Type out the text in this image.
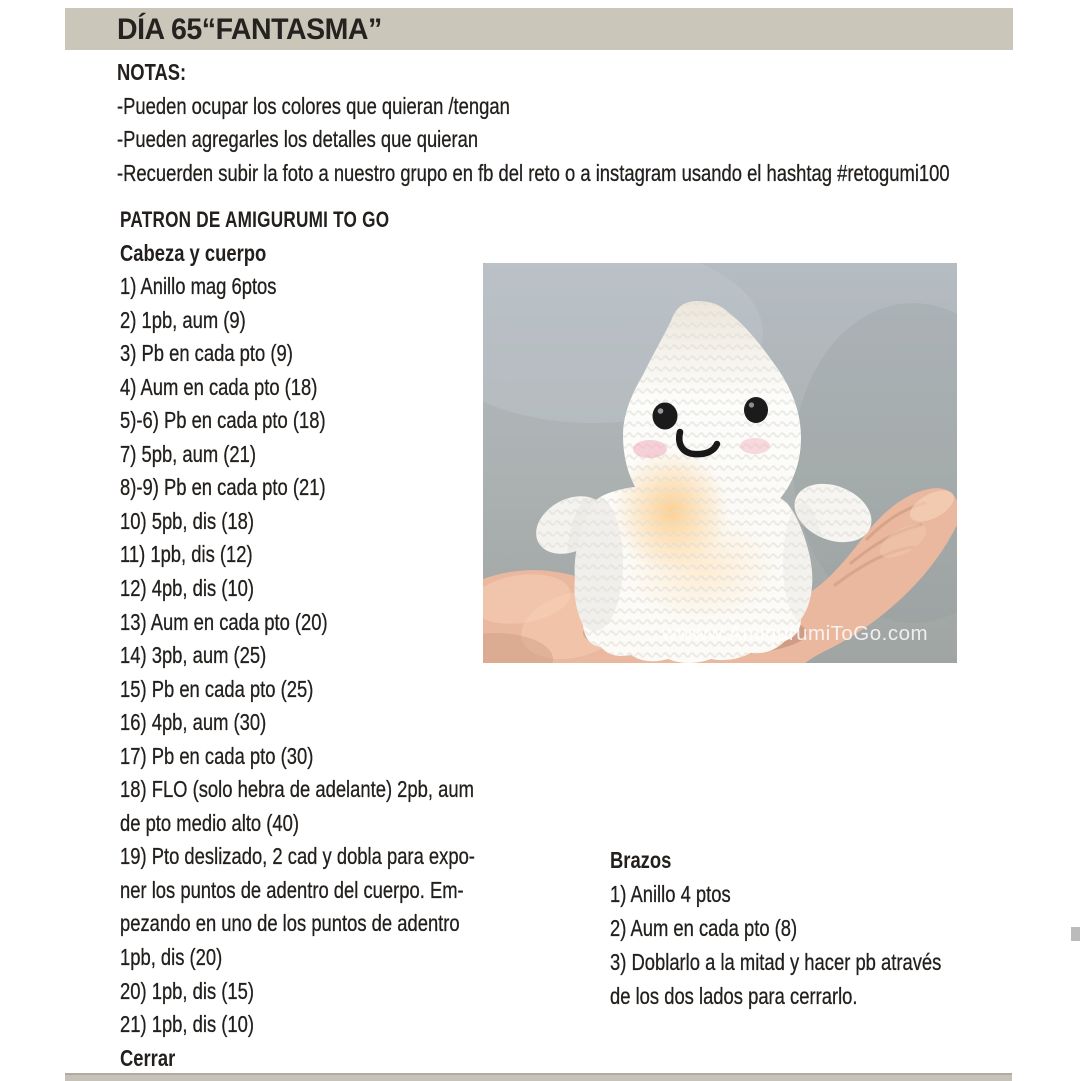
DÍA 65“FANTASMA”
NOTAS:
-Pueden ocupar los colores que quieran /tengan
-Pueden agregarles los detalles que quieran
-Recuerden subir la foto a nuestro grupo en fb del reto o a instagram usando el hashtag #retogumi100
PATRON DE AMIGURUMI TO GO
Cabeza y cuerpo
1) Anillo mag 6ptos
2) 1pb, aum (9)
3) Pb en cada pto (9)
4) Aum en cada pto (18)
5)-6) Pb en cada pto (18)
7) 5pb, aum (21)
8)-9) Pb en cada pto (21)
10) 5pb, dis (18)
11) 1pb, dis (12)
12) 4pb, dis (10)
13) Aum en cada pto (20)
14) 3pb, aum (25)
15) Pb en cada pto (25)
16) 4pb, aum (30)
17) Pb en cada pto (30)
18) FLO (solo hebra de adelante) 2pb, aum
de pto medio alto (40)
19) Pto deslizado, 2 cad y dobla para expo-
ner los puntos de adentro del cuerpo. Em-
pezando en uno de los puntos de adentro
1pb, dis (20)
20) 1pb, dis (15)
21) 1pb, dis (10)
Cerrar
Brazos
1) Anillo 4 ptos
2) Aum en cada pto (8)
3) Doblarlo a la mitad y hacer pb através
de los dos lados para cerrarlo.
wwww.AmigurumiToGo.com
